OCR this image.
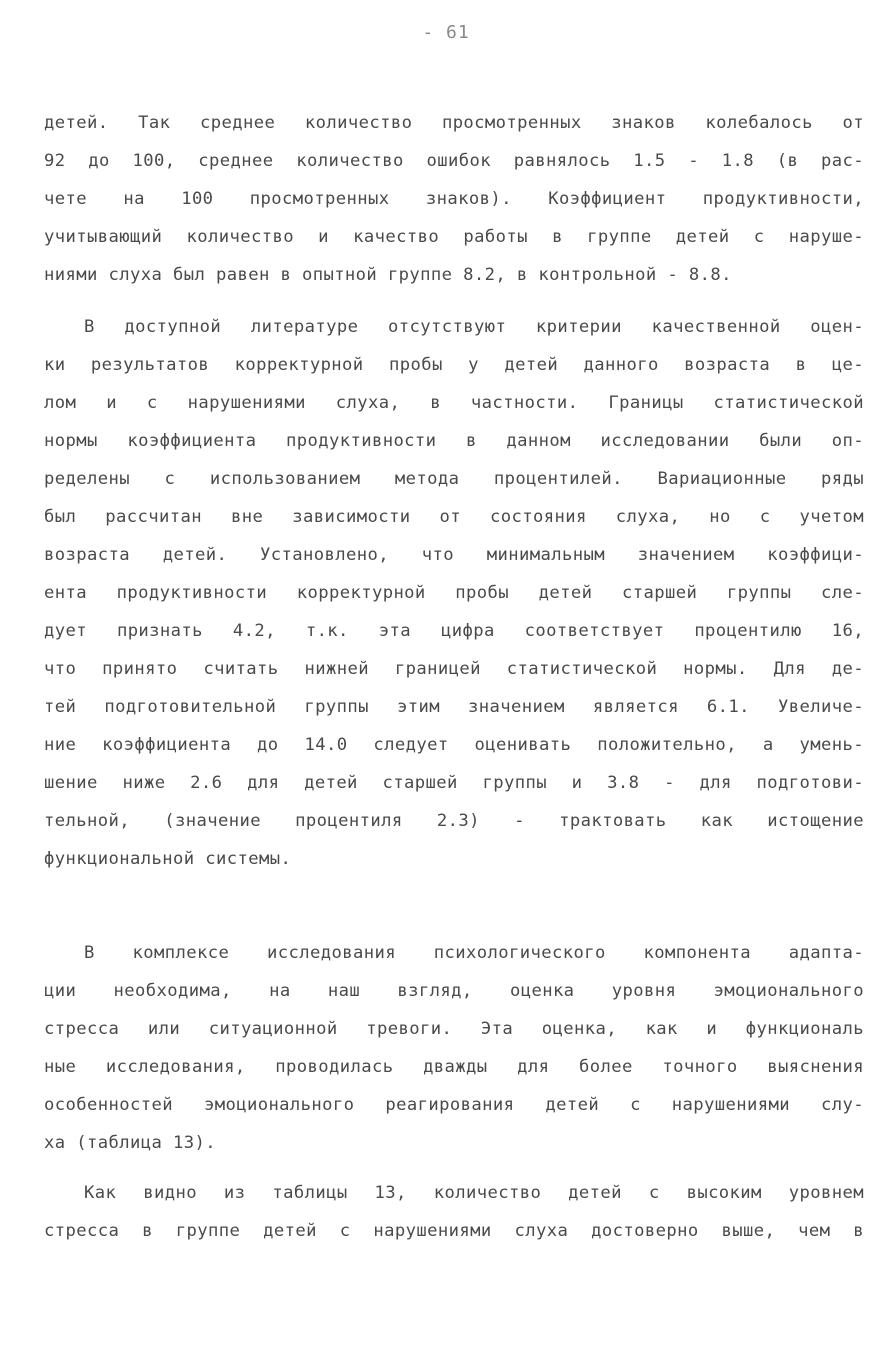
- 61
детей. Так среднее количество просмотренных знаков колебалось от
92 до 100, среднее количество ошибок равнялось 1.5 - 1.8 (в рас-
чете на 100 просмотренных знаков). Коэффициент продуктивности,
учитывающий количество и качество работы в группе детей с наруше-
ниями слуха был равен в опытной группе 8.2, в контрольной - 8.8.
В доступной литературе отсутствуют критерии качественной оцен-
ки результатов корректурной пробы у детей данного возраста в це-
лом и с нарушениями слуха, в частности. Границы статистической
нормы коэффициента продуктивности в данном исследовании были оп-
ределены с использованием метода процентилей. Вариационные ряды
был рассчитан вне зависимости от состояния слуха, но с учетом
возраста детей. Установлено, что минимальным значением коэффици-
ента продуктивности корректурной пробы детей старшей группы сле-
дует признать 4.2, т.к. эта цифра соответствует процентилю 16,
что принято считать нижней границей статистической нормы. Для де-
тей подготовительной группы этим значением является 6.1. Увеличе-
ние коэффициента до 14.0 следует оценивать положительно, а умень-
шение ниже 2.6 для детей старшей группы и 3.8 - для подготови-
тельной, (значение процентиля 2.3) - трактовать как истощение
функциональной системы.
В комплексе исследования психологического компонента адапта-
ции необходима, на наш взгляд, оценка уровня эмоционального
стресса или ситуационной тревоги. Эта оценка, как и функциональ
ные исследования, проводилась дважды для более точного выяснения
особенностей эмоционального реагирования детей с нарушениями слу-
ха (таблица 13).
Как видно из таблицы 13, количество детей с высоким уровнем
стресса в группе детей с нарушениями слуха достоверно выше, чем в
